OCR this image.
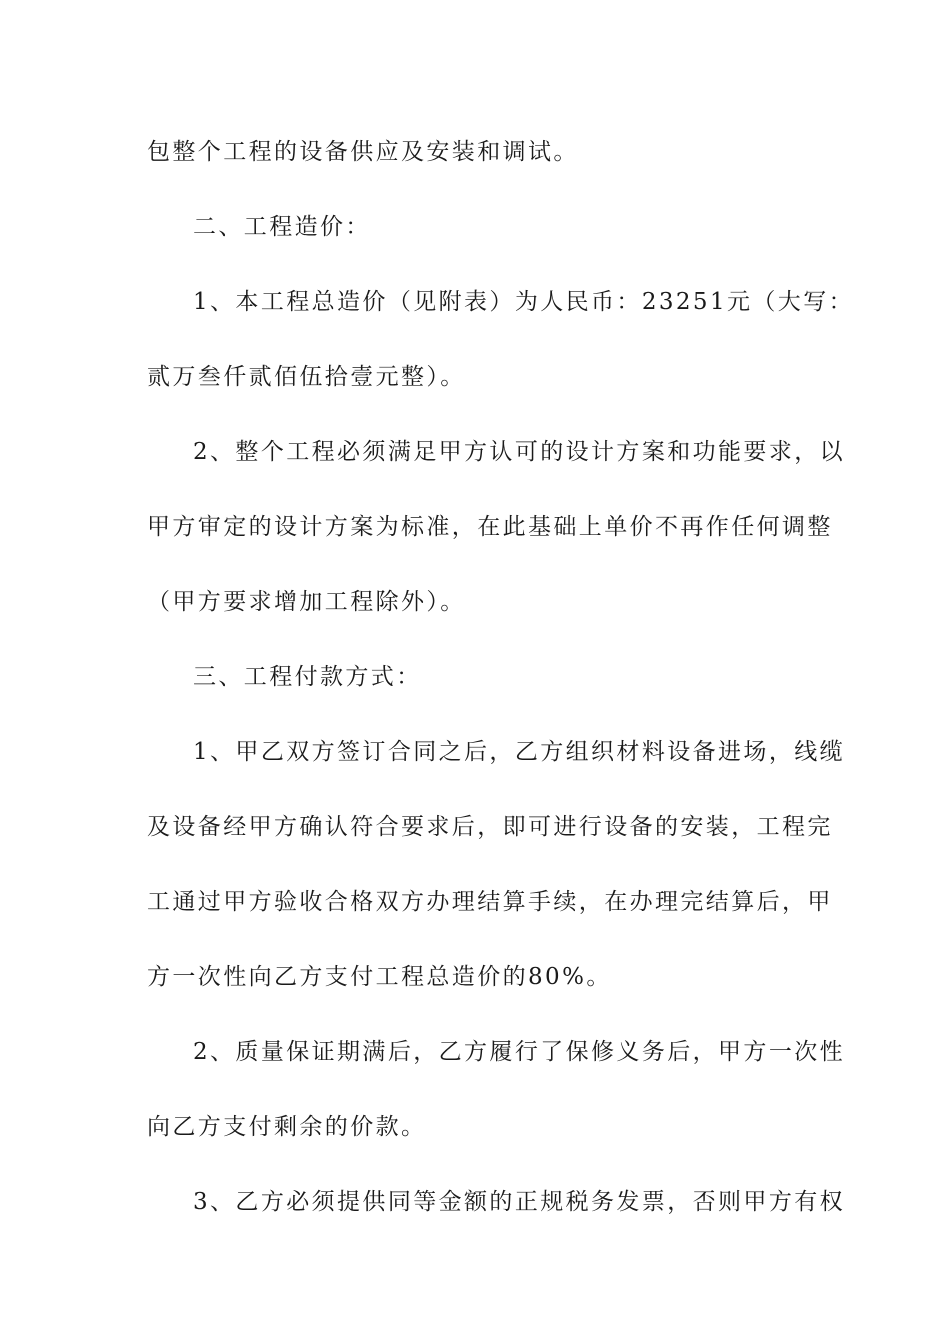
包整个工程的设备供应及安装和调试。
二、工程造价：
1、本工程总造价（见附表）为人民币：23251元（大写：
贰万叁仟贰佰伍拾壹元整）。
2、整个工程必须满足甲方认可的设计方案和功能要求，以
甲方审定的设计方案为标准，在此基础上单价不再作任何调整
（甲方要求增加工程除外）。
三、工程付款方式：
1、甲乙双方签订合同之后，乙方组织材料设备进场，线缆
及设备经甲方确认符合要求后，即可进行设备的安装，工程完
工通过甲方验收合格双方办理结算手续，在办理完结算后，甲
方一次性向乙方支付工程总造价的80%。
2、质量保证期满后，乙方履行了保修义务后，甲方一次性
向乙方支付剩余的价款。
3、乙方必须提供同等金额的正规税务发票，否则甲方有权
